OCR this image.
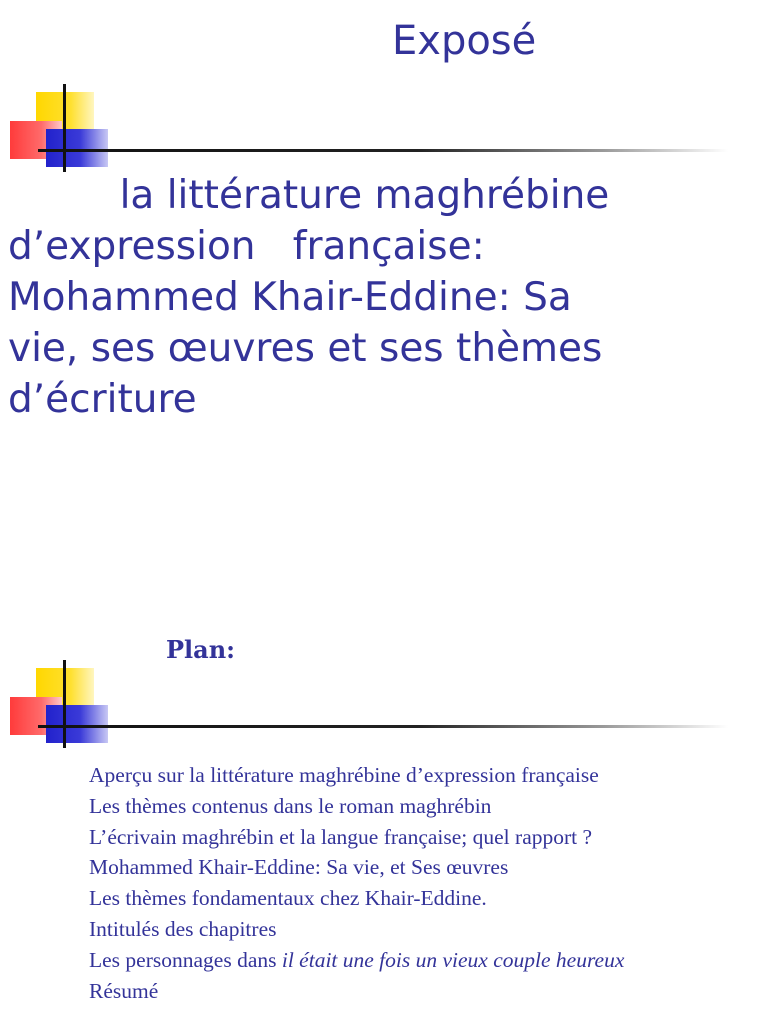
Exposé
la littérature maghrébine
d’expression   française:
Mohammed Khair-Eddine: Sa
vie, ses œuvres et ses thèmes
d’écriture
Plan:
Aperçu sur la littérature maghrébine d’expression française
Les thèmes contenus dans le roman maghrébin
L’écrivain maghrébin et la langue française; quel rapport ?
Mohammed Khair-Eddine: Sa vie, et Ses œuvres
Les thèmes fondamentaux chez Khair-Eddine.
Intitulés des chapitres
Les personnages dans il était une fois un vieux couple heureux
Résumé
